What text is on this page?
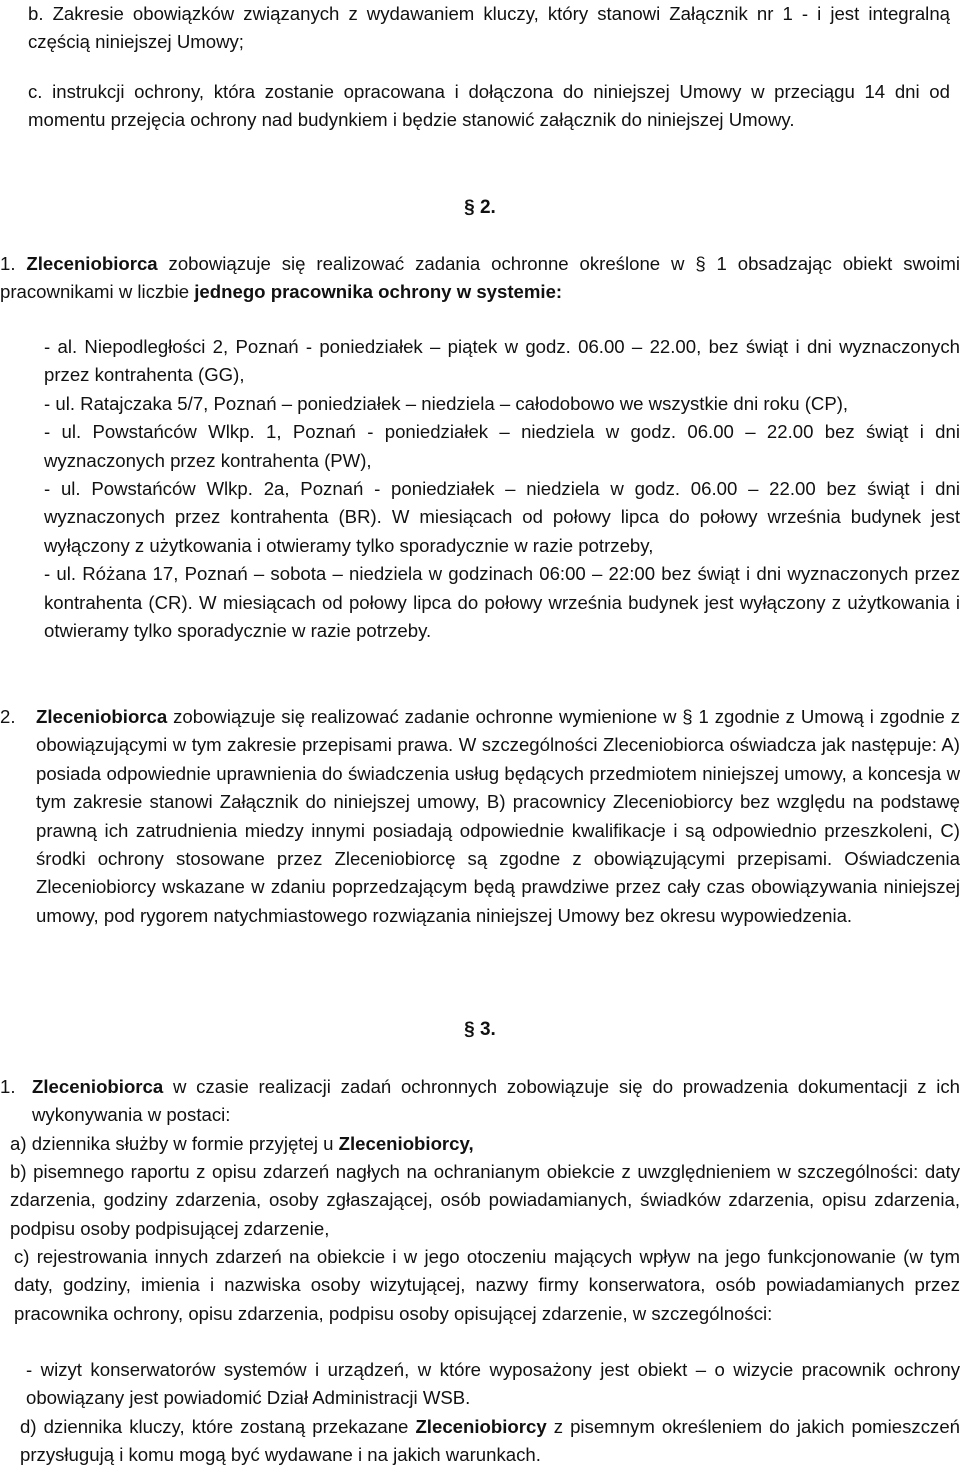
b. Zakresie obowiązków związanych z wydawaniem kluczy, który stanowi Załącznik nr 1 - i jest integralną częścią niniejszej Umowy;

c. instrukcji ochrony, która zostanie opracowana i dołączona do niniejszej Umowy w przeciągu 14 dni od momentu przejęcia ochrony nad budynkiem i będzie stanowić załącznik do niniejszej Umowy.

§ 2.

1. Zleceniobiorca zobowiązuje się realizować zadania ochronne określone w § 1 obsadzając obiekt swoimi pracownikami w liczbie jednego pracownika ochrony w systemie:

- al. Niepodległości 2, Poznań - poniedziałek – piątek w godz. 06.00 – 22.00, bez świąt i dni wyznaczonych przez kontrahenta (GG),

- ul. Ratajczaka 5/7, Poznań – poniedziałek – niedziela – całodobowo we wszystkie dni roku (CP),

- ul. Powstańców Wlkp. 1, Poznań - poniedziałek – niedziela w godz. 06.00 – 22.00 bez świąt i dni wyznaczonych przez kontrahenta (PW),

- ul. Powstańców Wlkp. 2a, Poznań - poniedziałek – niedziela w godz. 06.00 – 22.00 bez świąt i dni wyznaczonych przez kontrahenta (BR). W miesiącach od połowy lipca do połowy września budynek jest wyłączony z użytkowania i otwieramy tylko sporadycznie w razie potrzeby,

- ul. Różana 17, Poznań – sobota – niedziela w godzinach 06:00 – 22:00 bez świąt i dni wyznaczonych przez kontrahenta (CR). W miesiącach od połowy lipca do połowy września budynek jest wyłączony z użytkowania i otwieramy tylko sporadycznie w razie potrzeby.

2. Zleceniobiorca zobowiązuje się realizować zadanie ochronne wymienione w § 1 zgodnie z Umową i zgodnie z obowiązującymi w tym zakresie przepisami prawa. W szczególności Zleceniobiorca oświadcza jak następuje: A) posiada odpowiednie uprawnienia do świadczenia usług będących przedmiotem niniejszej umowy, a koncesja w tym zakresie stanowi Załącznik do niniejszej umowy, B) pracownicy Zleceniobiorcy bez względu na podstawę prawną ich zatrudnienia miedzy innymi posiadają odpowiednie kwalifikacje i są odpowiednio przeszkoleni, C) środki ochrony stosowane przez Zleceniobiorcę są zgodne z obowiązującymi przepisami. Oświadczenia Zleceniobiorcy wskazane w zdaniu poprzedzającym będą prawdziwe przez cały czas obowiązywania niniejszej umowy, pod rygorem natychmiastowego rozwiązania niniejszej Umowy bez okresu wypowiedzenia.

§ 3.
1. Zleceniobiorca w czasie realizacji zadań ochronnych zobowiązuje się do prowadzenia dokumentacji z ich wykonywania w postaci:

a) dziennika służby w formie przyjętej u Zleceniobiorcy,

b) pisemnego raportu z opisu zdarzeń nagłych na ochranianym obiekcie z uwzględnieniem w szczególności: daty zdarzenia, godziny zdarzenia, osoby zgłaszającej, osób powiadamianych, świadków zdarzenia, opisu zdarzenia, podpisu osoby podpisującej zdarzenie,

c) rejestrowania innych zdarzeń na obiekcie i w jego otoczeniu mających wpływ na jego funkcjonowanie (w tym daty, godziny, imienia i nazwiska osoby wizytującej, nazwy firmy konserwatora, osób powiadamianych przez pracownika ochrony, opisu zdarzenia, podpisu osoby opisującej zdarzenie, w szczególności:

- wizyt konserwatorów systemów i urządzeń, w które wyposażony jest obiekt – o wizycie pracownik ochrony obowiązany jest powiadomić Dział Administracji WSB.

d) dziennika kluczy, które zostaną przekazane Zleceniobiorcy z pisemnym określeniem do jakich pomieszczeń przysługują i komu mogą być wydawane i na jakich warunkach.
